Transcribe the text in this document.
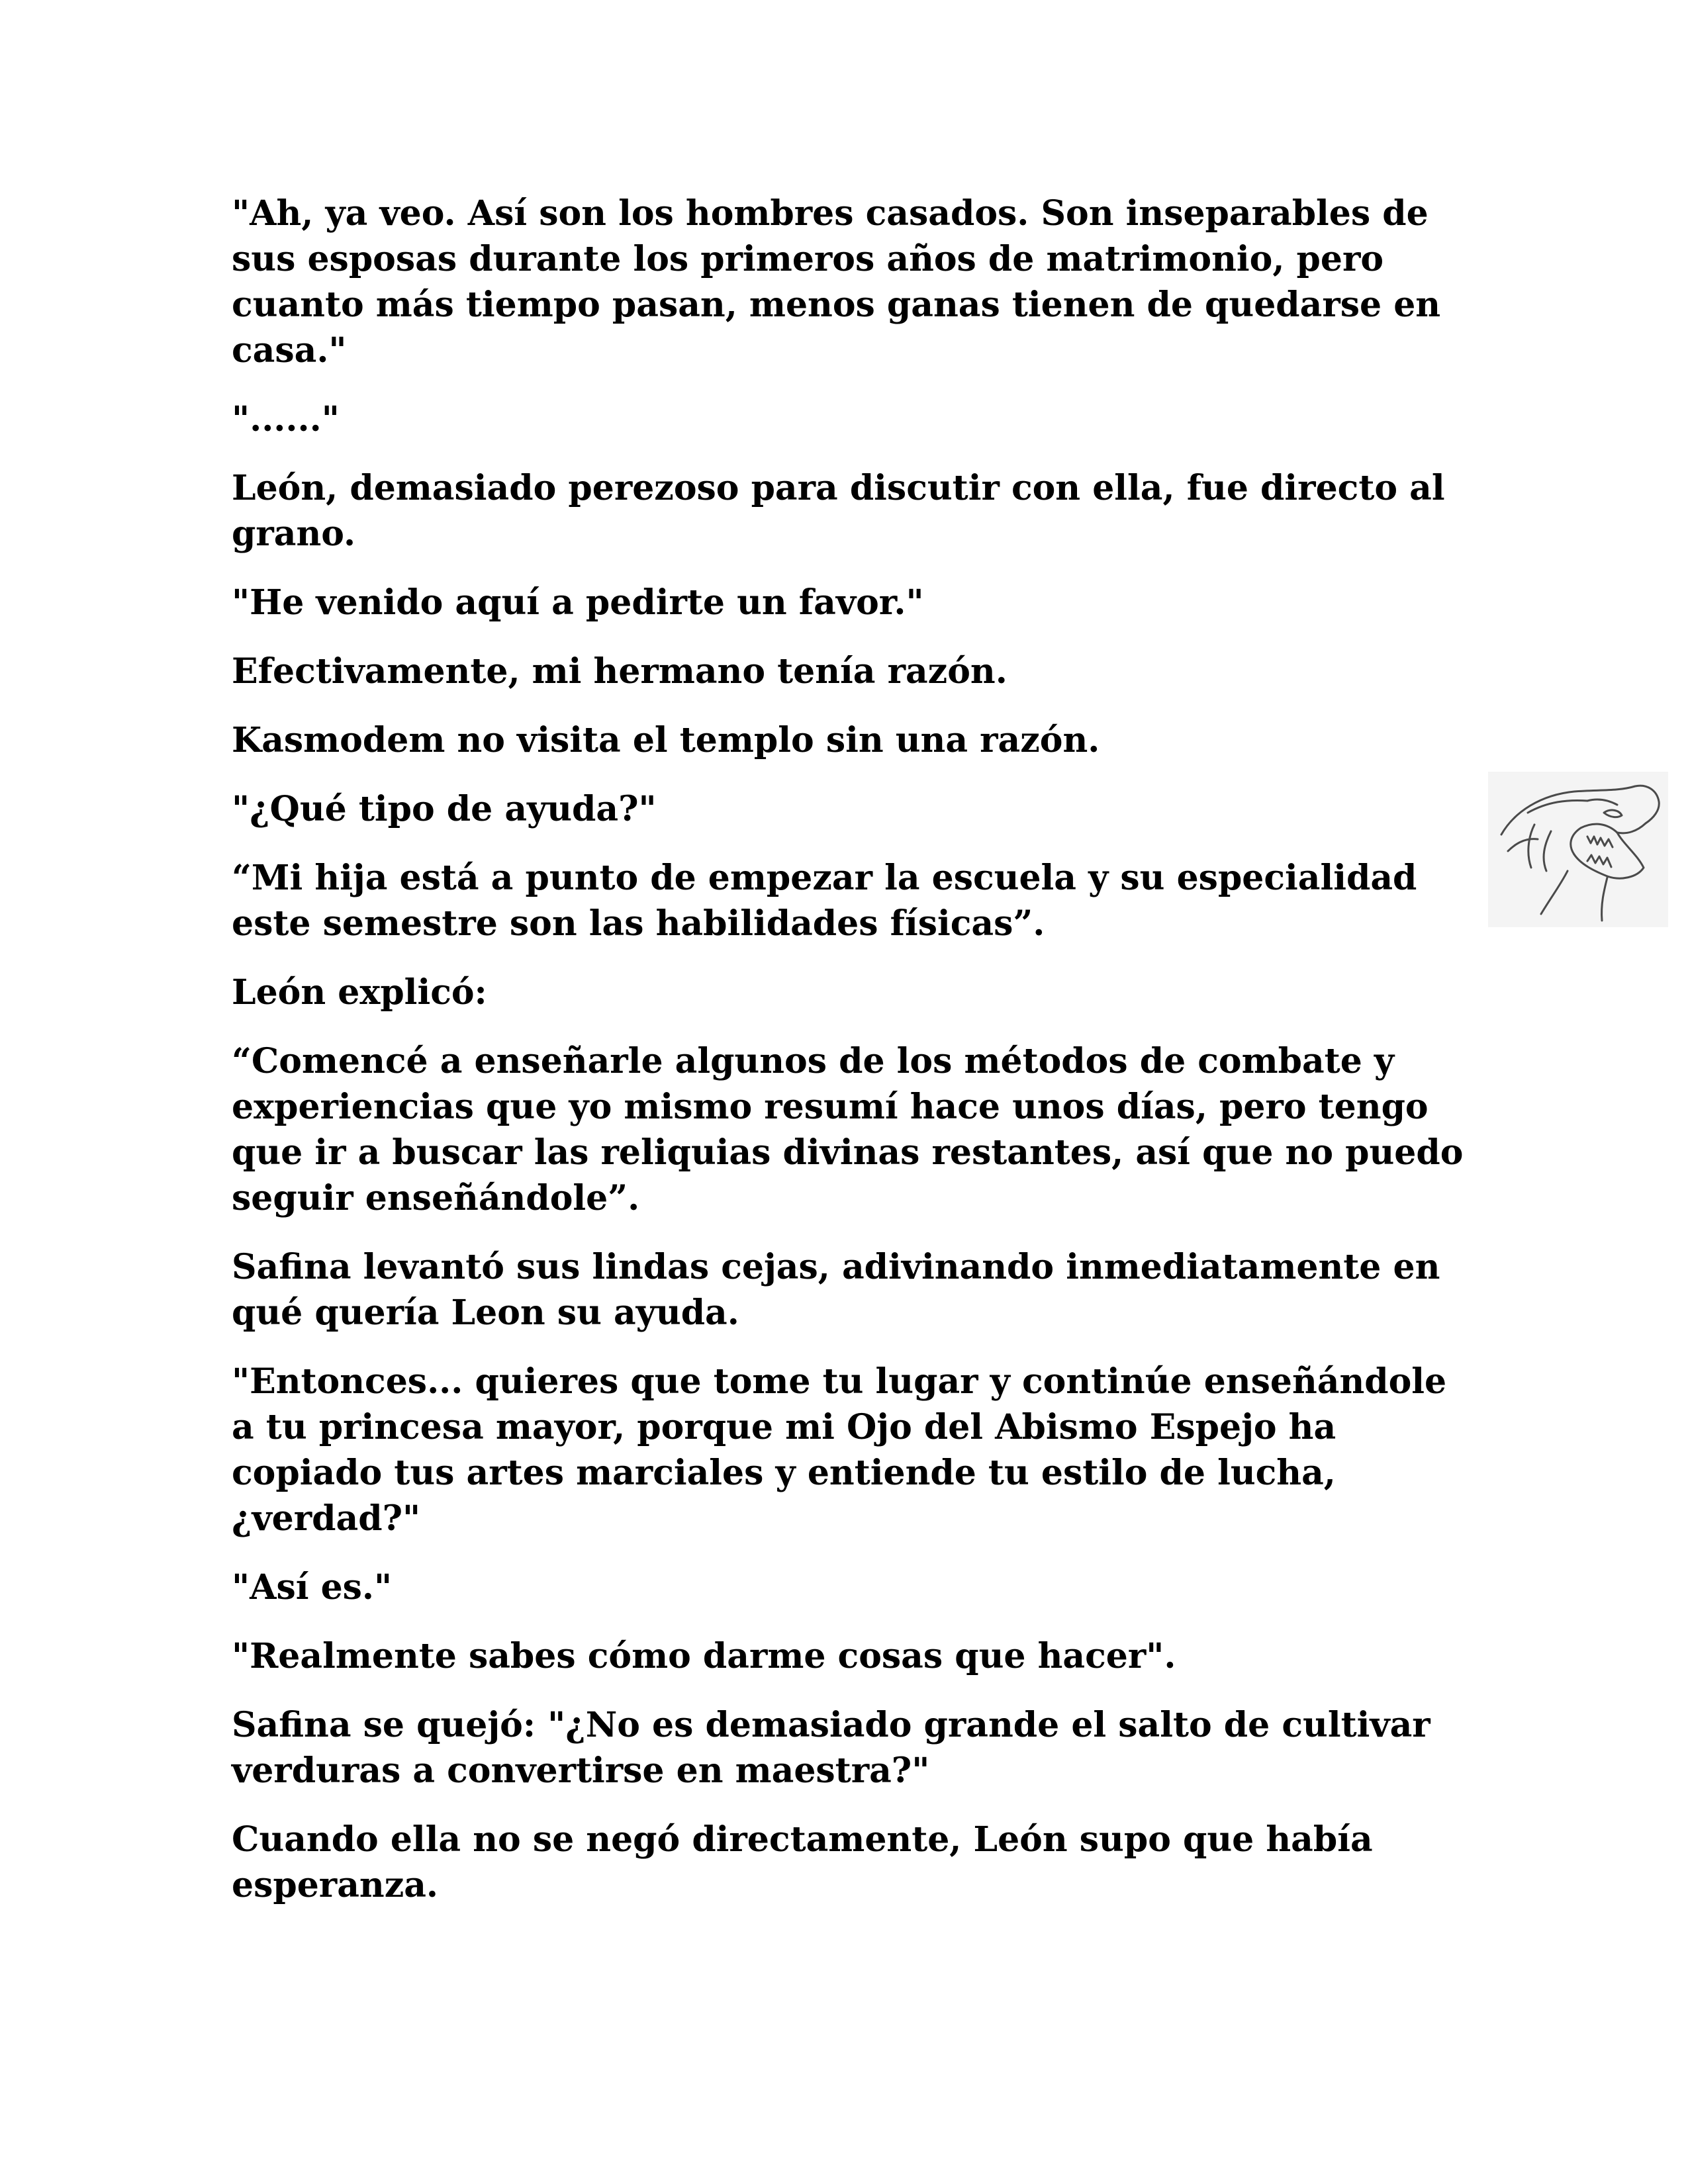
"Ah, ya veo. Así son los hombres casados. Son inseparables de sus esposas durante los primeros años de matrimonio, pero cuanto más tiempo pasan, menos ganas tienen de quedarse en casa."

"......"

León, demasiado perezoso para discutir con ella, fue directo al grano.

"He venido aquí a pedirte un favor."

Efectivamente, mi hermano tenía razón.

Kasmodem no visita el templo sin una razón.

"¿Qué tipo de ayuda?"

“Mi hija está a punto de empezar la escuela y su especialidad este semestre son las habilidades físicas”.

León explicó:

“Comencé a enseñarle algunos de los métodos de combate y experiencias que yo mismo resumí hace unos días, pero tengo que ir a buscar las reliquias divinas restantes, así que no puedo seguir enseñándole”.

Safina levantó sus lindas cejas, adivinando inmediatamente en qué quería Leon su ayuda.

"Entonces... quieres que tome tu lugar y continúe enseñándole a tu princesa mayor, porque mi Ojo del Abismo Espejo ha copiado tus artes marciales y entiende tu estilo de lucha, ¿verdad?"

"Así es."

"Realmente sabes cómo darme cosas que hacer".

Safina se quejó: "¿No es demasiado grande el salto de cultivar verduras a convertirse en maestra?"

Cuando ella no se negó directamente, León supo que había esperanza.
